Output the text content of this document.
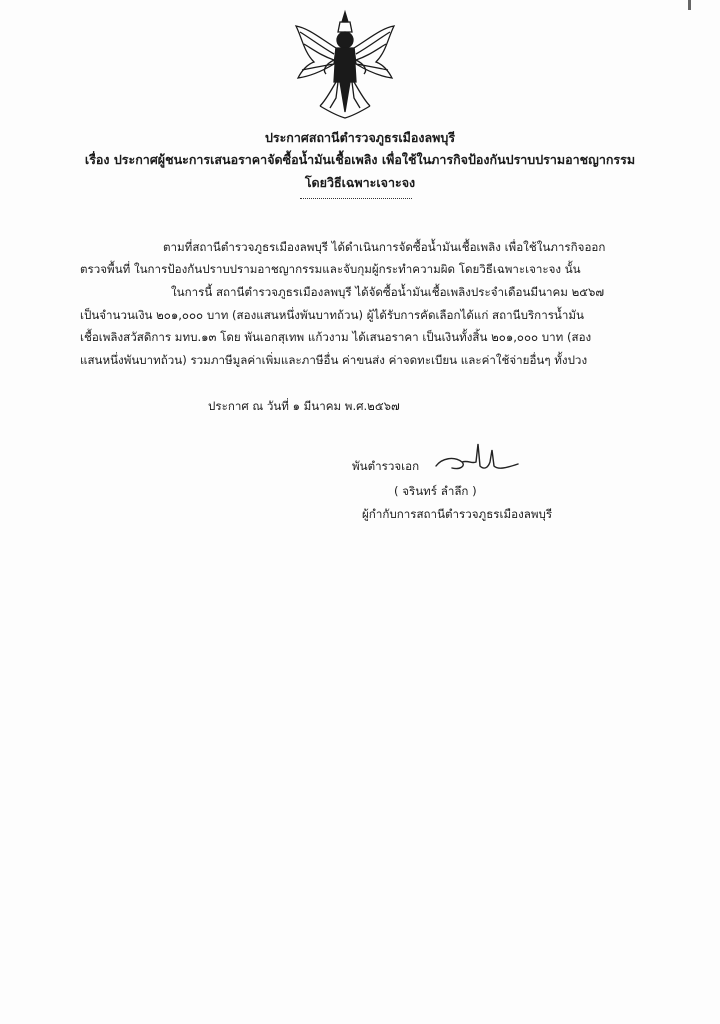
ประกาศสถานีตำรวจภูธรเมืองลพบุรี
เรื่อง ประกาศผู้ชนะการเสนอราคาจัดซื้อน้ำมันเชื้อเพลิง เพื่อใช้ในภารกิจป้องกันปราบปรามอาชญากรรม
โดยวิธีเฉพาะเจาะจง
ตามที่สถานีตำรวจภูธรเมืองลพบุรี ได้ดำเนินการจัดซื้อน้ำมันเชื้อเพลิง เพื่อใช้ในภารกิจออก
ตรวจพื้นที่ ในการป้องกันปราบปรามอาชญากรรมและจับกุมผู้กระทำความผิด โดยวิธีเฉพาะเจาะจง นั้น
ในการนี้ สถานีตำรวจภูธรเมืองลพบุรี ได้จัดซื้อน้ำมันเชื้อเพลิงประจำเดือนมีนาคม ๒๕๖๗
เป็นจำนวนเงิน ๒๐๑,๐๐๐ บาท (สองแสนหนึ่งพันบาทถ้วน) ผู้ได้รับการคัดเลือกได้แก่ สถานีบริการน้ำมัน
เชื้อเพลิงสวัสดิการ มทบ.๑๓ โดย พันเอกสุเทพ แก้วงาม ได้เสนอราคา เป็นเงินทั้งสิ้น ๒๐๑,๐๐๐ บาท (สอง
แสนหนึ่งพันบาทถ้วน) รวมภาษีมูลค่าเพิ่มและภาษีอื่น ค่าขนส่ง ค่าจดทะเบียน และค่าใช้จ่ายอื่นๆ ทั้งปวง
ประกาศ ณ วันที่ ๑ มีนาคม พ.ศ.๒๕๖๗
พันตำรวจเอก
( จรินทร์ ลำลึก )
ผู้กำกับการสถานีตำรวจภูธรเมืองลพบุรี
